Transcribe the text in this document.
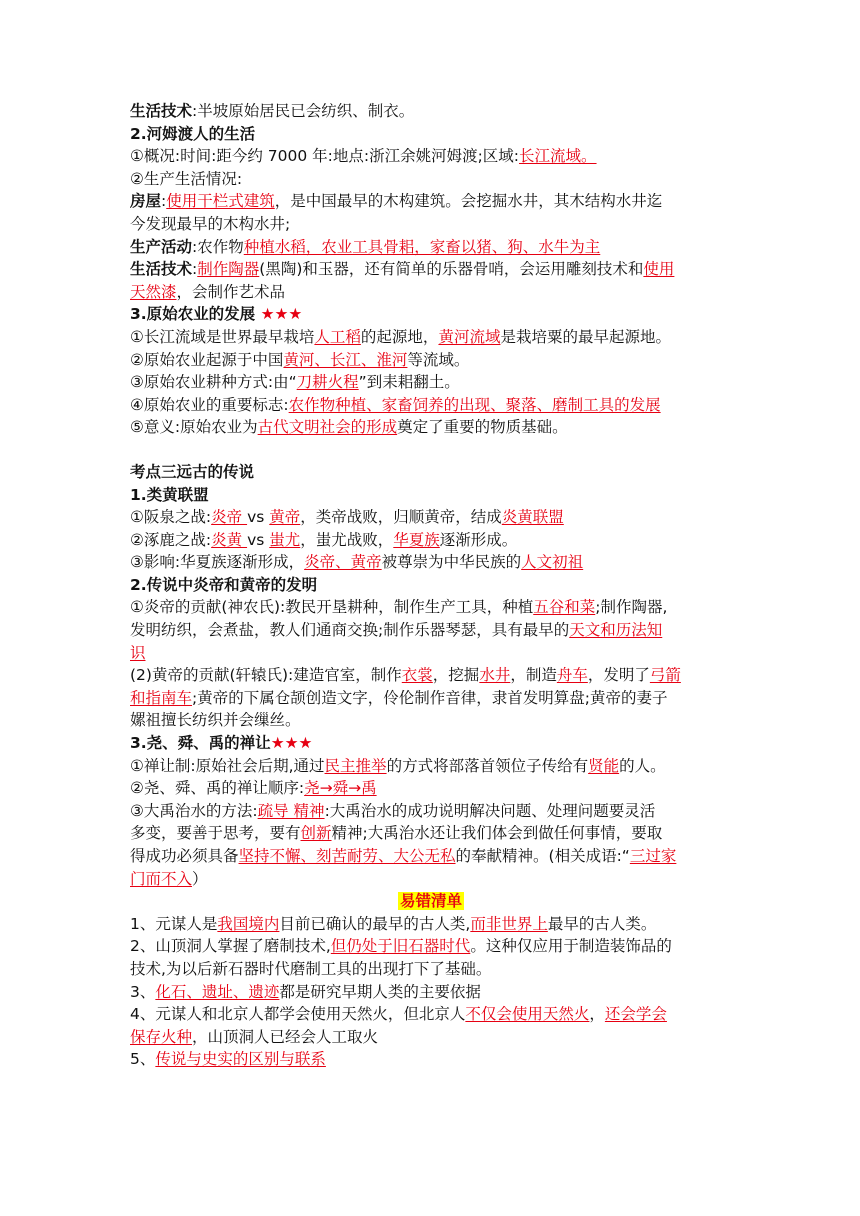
生活技术:半坡原始居民已会纺织、制衣。
2.河姆渡人的生活
①概况:时间:距今约 7000 年:地点:浙江余姚河姆渡;区域:长江流域。
②生产生活情况:
房屋:使用干栏式建筑，是中国最早的木构建筑。会挖掘水井，其木结构水井迄
今发现最早的木构水井;
生产活动:农作物种植水稻，农业工具骨耜，家畜以猪、狗、水牛为主
生活技术:制作陶器(黑陶)和玉器，还有简单的乐器骨哨，会运用雕刻技术和使用
天然漆，会制作艺术品
3.原始农业的发展 ★★★
①长江流域是世界最早栽培人工稻的起源地，黄河流域是栽培粟的最早起源地。
②原始农业起源于中国黄河、长江、淮河等流域。
③原始农业耕种方式:由“刀耕火程”到耒耜翻土。
④原始农业的重要标志:农作物种植、家畜饲养的出现、聚落、磨制工具的发展
⑤意义:原始农业为古代文明社会的形成奠定了重要的物质基础。
考点三远古的传说
1.类黄联盟
①阪泉之战:炎帝 vs 黄帝，类帝战败，归顺黄帝，结成炎黄联盟
②涿鹿之战:炎黄 vs 蚩尤，蚩尤战败，华夏族逐渐形成。
③影响:华夏族逐渐形成，炎帝、黄帝被尊崇为中华民族的人文初祖
2.传说中炎帝和黄帝的发明
①炎帝的贡献(神农氏):教民开垦耕种，制作生产工具，种植五谷和菜;制作陶器,
发明纺织，会煮盐，教人们通商交换;制作乐器琴瑟，具有最早的天文和历法知
识
(2)黄帝的贡献(轩辕氏):建造官室，制作衣裳，挖掘水井，制造舟车，发明了弓箭
和指南车;黄帝的下属仓颉创造文字，伶伦制作音律，隶首发明算盘;黄帝的妻子
嫘祖擅长纺织并会缫丝。
3.尧、舜、禹的禅让★★★
①禅让制:原始社会后期,通过民主推举的方式将部落首领位子传给有贤能的人。
②尧、舜、禹的禅让顺序:尧→舜→禹
③大禹治水的方法:疏导 精神:大禹治水的成功说明解决问题、处理问题要灵活
多变，要善于思考，要有创新精神;大禹治水还让我们体会到做任何事情，要取
得成功必须具备坚持不懈、刻苦耐劳、大公无私的奉献精神。(相关成语:“三过家
门而不入）
易错清单
1、元谋人是我国境内目前已确认的最早的古人类,而非世界上最早的古人类。
2、山顶洞人掌握了磨制技术,但仍处于旧石器时代。这种仅应用于制造装饰品的
技术,为以后新石器时代磨制工具的出现打下了基础。
3、化石、遗址、遗迹都是研究早期人类的主要依据
4、元谋人和北京人都学会使用天然火，但北京人不仅会使用天然火，还会学会
保存火种，山顶洞人已经会人工取火
5、传说与史实的区别与联系
